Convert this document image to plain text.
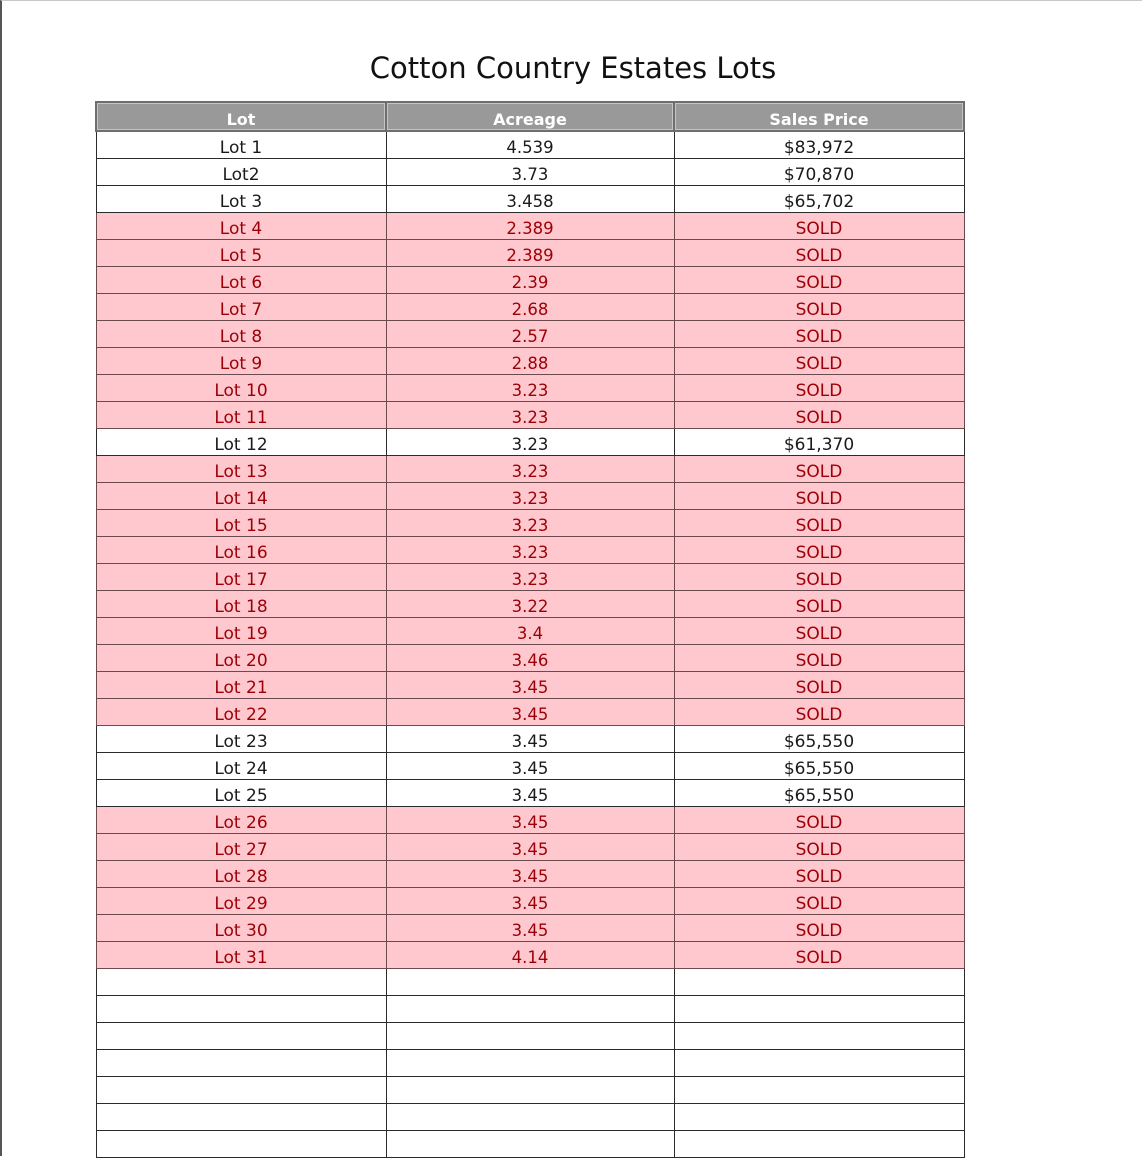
Cotton Country Estates Lots
Lot	Acreage	Sales Price
Lot 1	4.539	$83,972
Lot2	3.73	$70,870
Lot 3	3.458	$65,702
Lot 4	2.389	SOLD
Lot 5	2.389	SOLD
Lot 6	2.39	SOLD
Lot 7	2.68	SOLD
Lot 8	2.57	SOLD
Lot 9	2.88	SOLD
Lot 10	3.23	SOLD
Lot 11	3.23	SOLD
Lot 12	3.23	$61,370
Lot 13	3.23	SOLD
Lot 14	3.23	SOLD
Lot 15	3.23	SOLD
Lot 16	3.23	SOLD
Lot 17	3.23	SOLD
Lot 18	3.22	SOLD
Lot 19	3.4	SOLD
Lot 20	3.46	SOLD
Lot 21	3.45	SOLD
Lot 22	3.45	SOLD
Lot 23	3.45	$65,550
Lot 24	3.45	$65,550
Lot 25	3.45	$65,550
Lot 26	3.45	SOLD
Lot 27	3.45	SOLD
Lot 28	3.45	SOLD
Lot 29	3.45	SOLD
Lot 30	3.45	SOLD
Lot 31	4.14	SOLD
